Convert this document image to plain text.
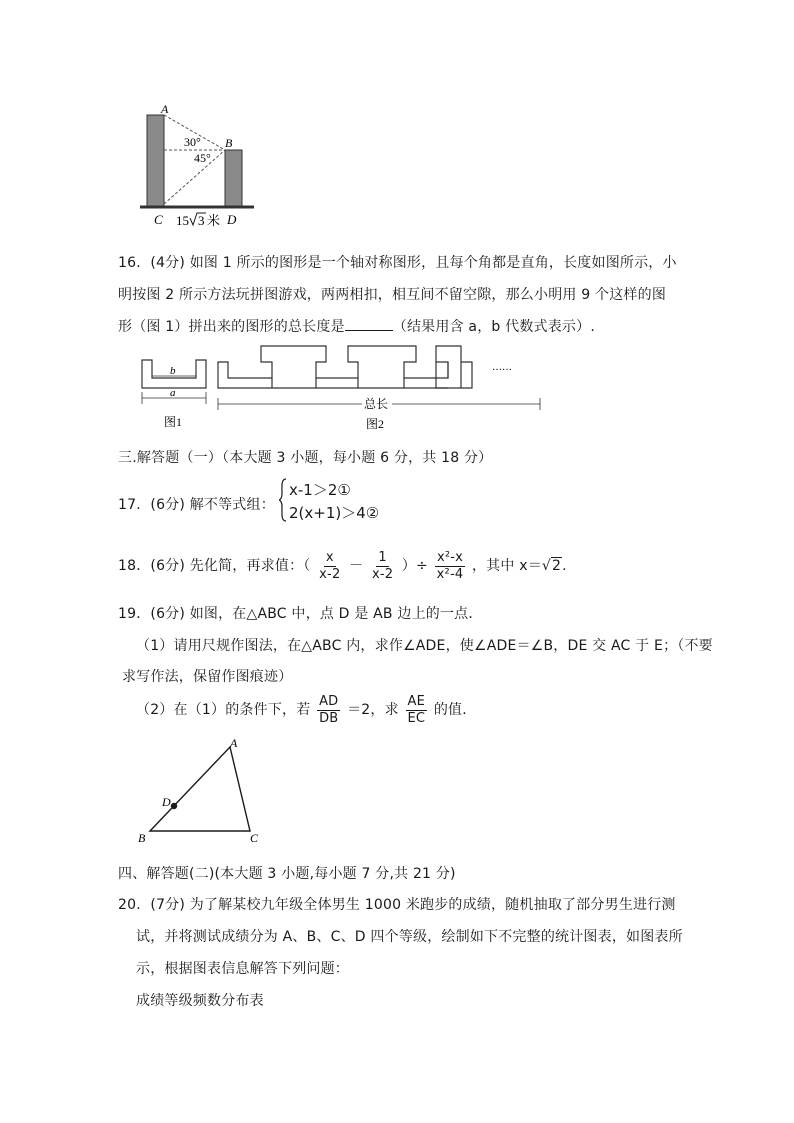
A
B
C	D
30°
45°
15 3 米
16．(4分) 如图 1 所示的图形是一个轴对称图形，且每个角都是直角，长度如图所示，小
明按图 2 所示方法玩拼图游戏，两两相扣，相互间不留空隙，那么小明用 9 个这样的图
形（图 1）拼出来的图形的总长度是	（结果用含 a，b 代数式表示）.
b
a
图1
总长
图2
……
三.解答题（一）（本大题 3 小题，每小题 6 分，共 18 分）
17．(6分) 解不等式组：
x-1＞2①
2(x+1)＞4②
18．(6分) 先化简，再求值：（ $\frac{x}{x-2} - \frac{1}{x-2}$ ）÷ $\frac{\text{x²-x}}{\text{x²-4}}$ ，其中 x＝√2.
19．(6分) 如图，在△ABC 中，点 D 是 AB 边上的一点．
（1）请用尺规作图法，在△ABC 内，求作∠ADE，使∠ADE＝∠B，DE 交 AC 于 E；（不要
求写作法，保留作图痕迹）
（2）在（1）的条件下，若 $\frac{AD}{DB} =2$，求 $\frac{AE}{EC}$ 的值．
A
B	C
D
四、解答题(二)(本大题 3 小题,每小题 7 分,共 21 分)
20．(7分) 为了解某校九年级全体男生 1000 米跑步的成绩，随机抽取了部分男生进行测
试，并将测试成绩分为 A、B、C、D 四个等级，绘制如下不完整的统计图表，如图表所
示，根据图表信息解答下列问题：
成绩等级频数分布表
